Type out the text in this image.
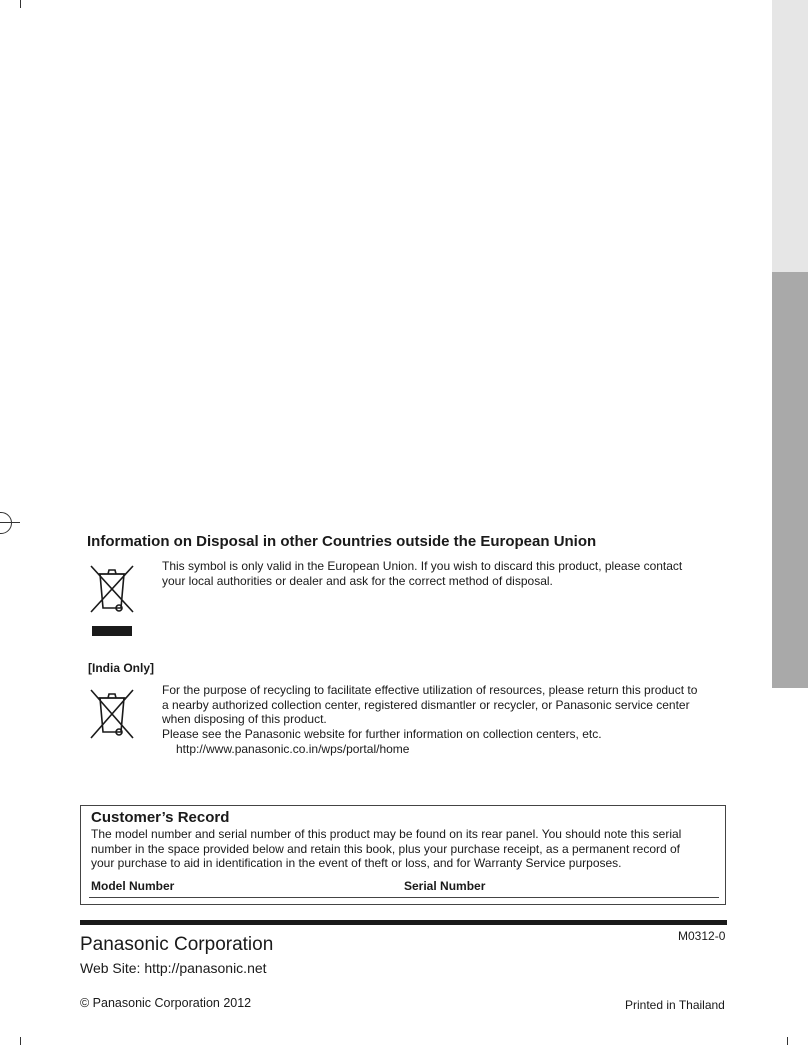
Information on Disposal in other Countries outside the European Union
This symbol is only valid in the European Union. If you wish to discard this product, please contact
your local authorities or dealer and ask for the correct method of disposal.
[India Only]
For the purpose of recycling to facilitate effective utilization of resources, please return this product to
a nearby authorized collection center, registered dismantler or recycler, or Panasonic service center
when disposing of this product.
Please see the Panasonic website for further information on collection centers, etc.
http://www.panasonic.co.in/wps/portal/home
Customer’s Record
The model number and serial number of this product may be found on its rear panel. You should note this serial
number in the space provided below and retain this book, plus your purchase receipt, as a permanent record of
your purchase to aid in identification in the event of theft or loss, and for Warranty Service purposes.
Model Number	Serial Number
Panasonic Corporation	M0312-0
Web Site: http://panasonic.net
© Panasonic Corporation 2012	Printed in Thailand
